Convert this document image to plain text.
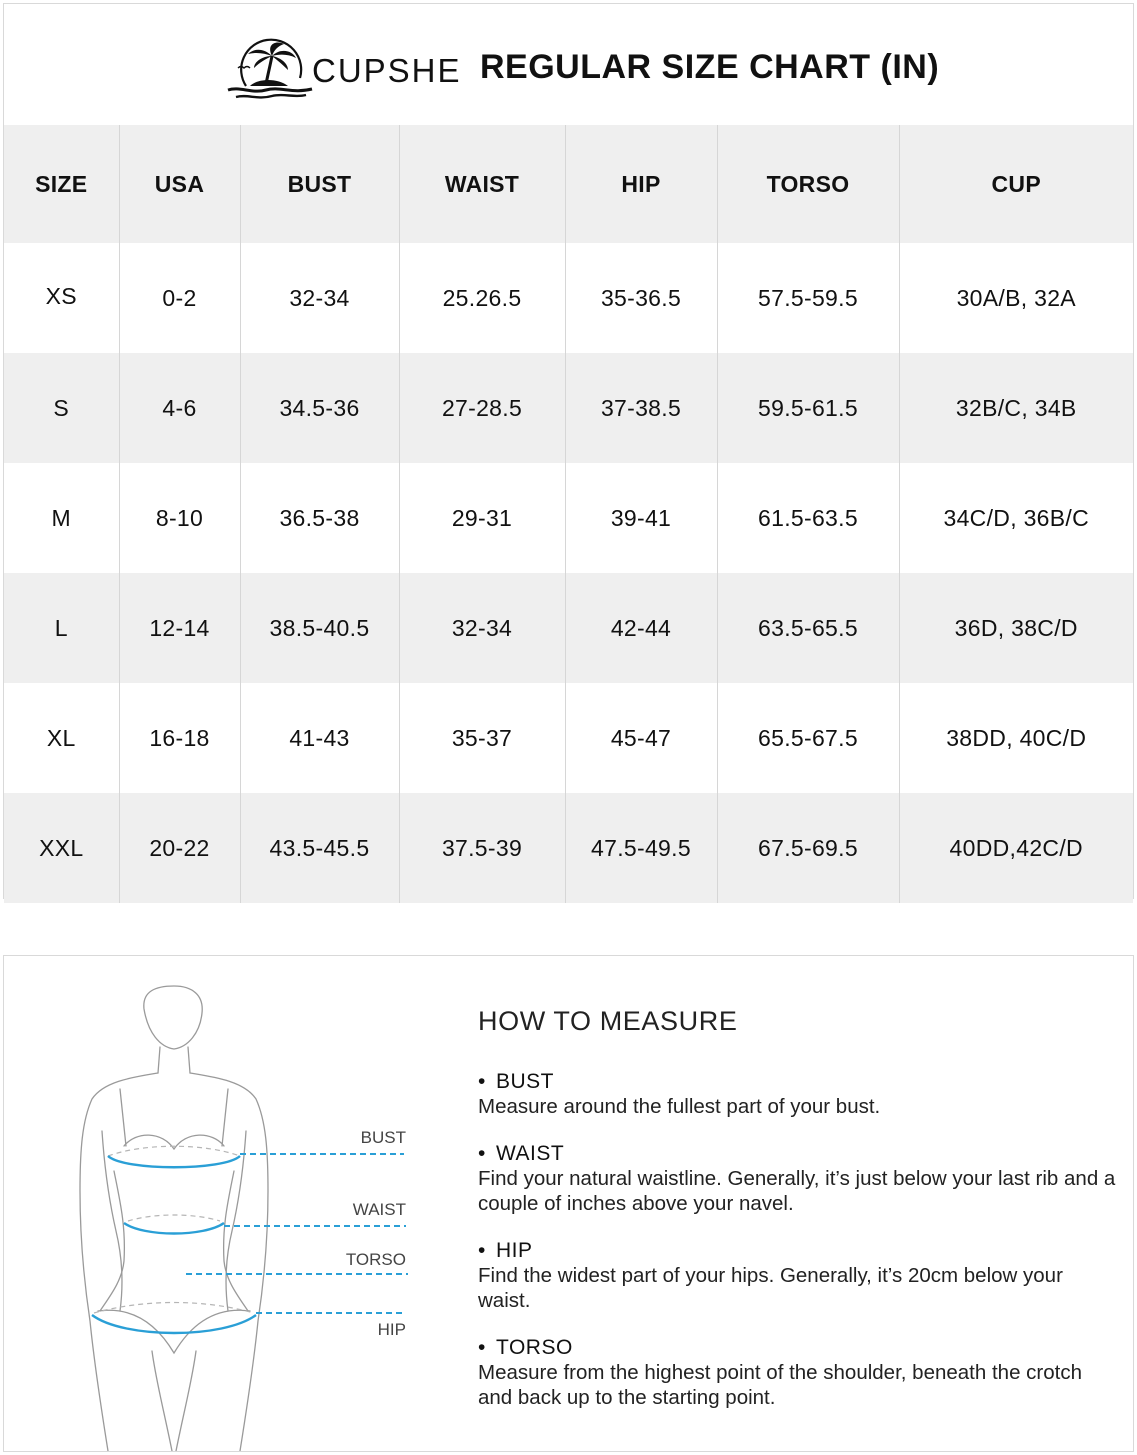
CUPSHE REGULAR SIZE CHART (IN)
SIZE	USA	BUST	WAIST	HIP	TORSO	CUP
XS	0-2	32-34	25.26.5	35-36.5	57.5-59.5	30A/B, 32A
S	4-6	34.5-36	27-28.5	37-38.5	59.5-61.5	32B/C, 34B
M	8-10	36.5-38	29-31	39-41	61.5-63.5	34C/D, 36B/C
L	12-14	38.5-40.5	32-34	42-44	63.5-65.5	36D, 38C/D
XL	16-18	41-43	35-37	45-47	65.5-67.5	38DD, 40C/D
XXL	20-22	43.5-45.5	37.5-39	47.5-49.5	67.5-69.5	40DD,42C/D
BUST
WAIST
TORSO
HIP
HOW TO MEASURE
• BUST
Measure around the fullest part of your bust.
• WAIST
Find your natural waistline. Generally, it’s just below your last rib and a couple of inches above your navel.
• HIP
Find the widest part of your hips. Generally, it’s 20cm below your waist.
• TORSO
Measure from the highest point of the shoulder, beneath the crotch and back up to the starting point.
